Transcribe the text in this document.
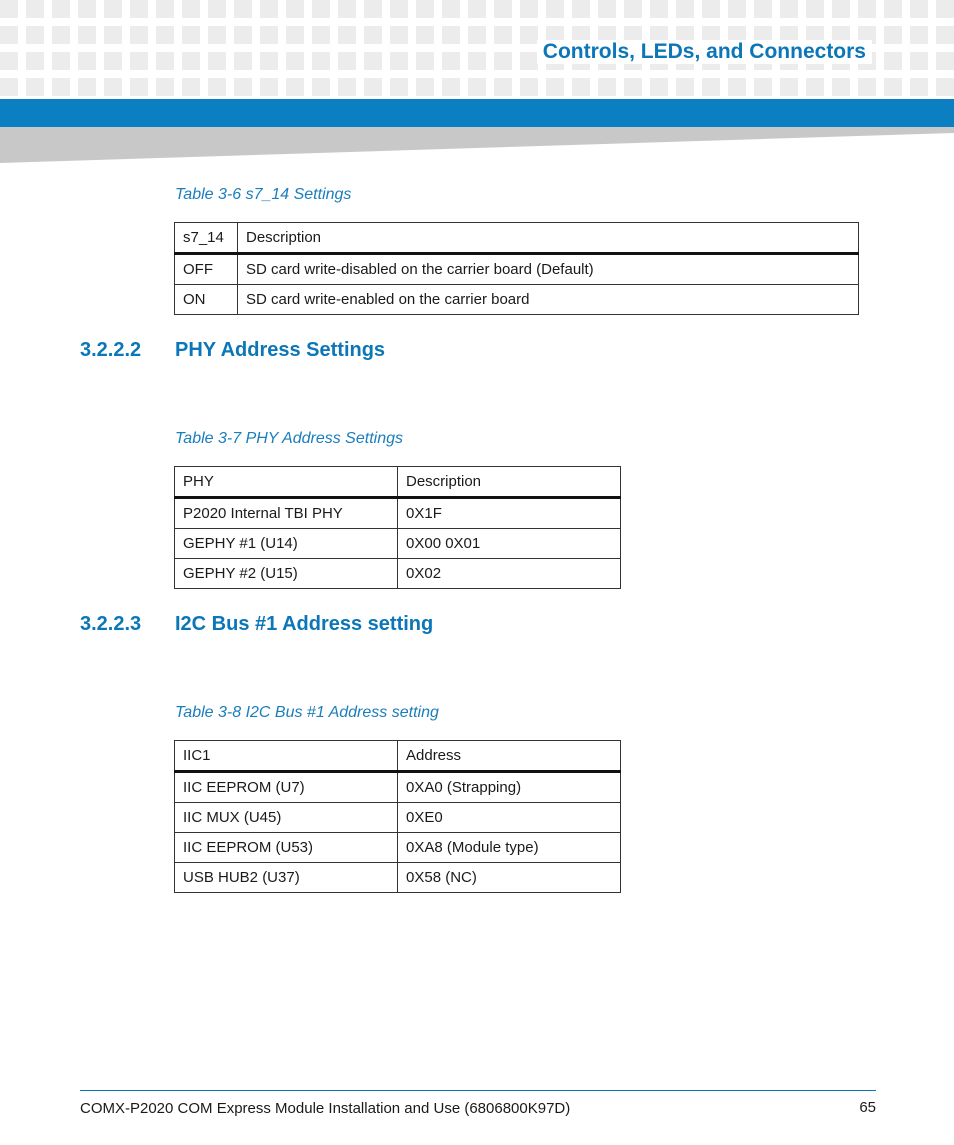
Controls, LEDs, and Connectors
Table 3-6 s7_14 Settings
s7_14	Description
OFF	SD card write-disabled on the carrier board (Default)
ON	SD card write-enabled on the carrier board
3.2.2.2 PHY Address Settings
Table 3-7 PHY Address Settings
PHY	Description
P2020 Internal TBI PHY	0X1F
GEPHY #1 (U14)	0X00 0X01
GEPHY #2 (U15)	0X02
3.2.2.3 I2C Bus #1 Address setting
Table 3-8 I2C Bus #1 Address setting
IIC1	Address
IIC EEPROM (U7)	0XA0 (Strapping)
IIC MUX (U45)	0XE0
IIC EEPROM (U53)	0XA8 (Module type)
USB HUB2 (U37)	0X58 (NC)
COMX-P2020 COM Express Module Installation and Use (6806800K97D)	65
